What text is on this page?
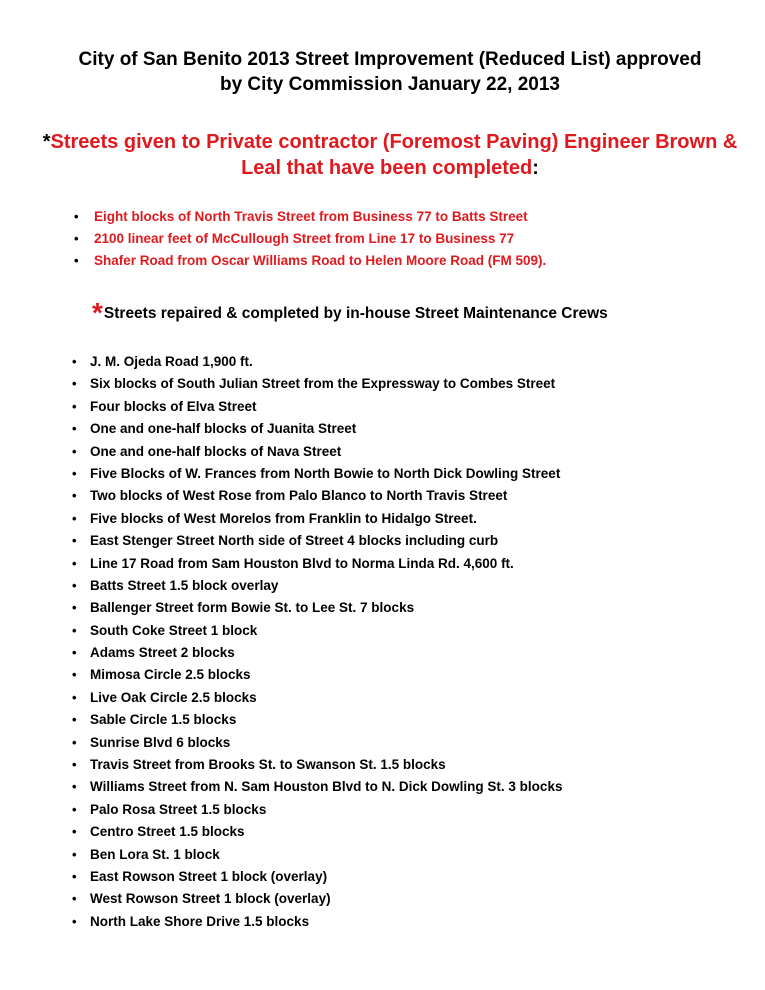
City of San Benito 2013 Street Improvement (Reduced List) approved
by City Commission January 22, 2013
*Streets given to Private contractor (Foremost Paving) Engineer Brown & Leal that have been completed:
• Eight blocks of North Travis Street from Business 77 to Batts Street
• 2100 linear feet of McCullough Street from Line 17 to Business 77
• Shafer Road from Oscar Williams Road to Helen Moore Road (FM 509).
*Streets repaired & completed by in-house Street Maintenance Crews
• J. M. Ojeda Road 1,900 ft.
• Six blocks of South Julian Street from the Expressway to Combes Street
• Four blocks of Elva Street
• One and one-half blocks of Juanita Street
• One and one-half blocks of Nava Street
• Five Blocks of W. Frances from North Bowie to North Dick Dowling Street
• Two blocks of West Rose from Palo Blanco to North Travis Street
• Five blocks of West Morelos from Franklin to Hidalgo Street.
• East Stenger Street North side of Street 4 blocks including curb
• Line 17 Road from Sam Houston Blvd to Norma Linda Rd. 4,600 ft.
• Batts Street 1.5 block overlay
• Ballenger Street form Bowie St. to Lee St. 7 blocks
• South Coke Street 1 block
• Adams Street 2 blocks
• Mimosa Circle 2.5 blocks
• Live Oak Circle 2.5 blocks
• Sable Circle 1.5 blocks
• Sunrise Blvd 6 blocks
• Travis Street from Brooks St. to Swanson St. 1.5 blocks
• Williams Street from N. Sam Houston Blvd to N. Dick Dowling St. 3 blocks
• Palo Rosa Street 1.5 blocks
• Centro Street 1.5 blocks
• Ben Lora St. 1 block
• East Rowson Street 1 block (overlay)
• West Rowson Street 1 block (overlay)
• North Lake Shore Drive 1.5 blocks
